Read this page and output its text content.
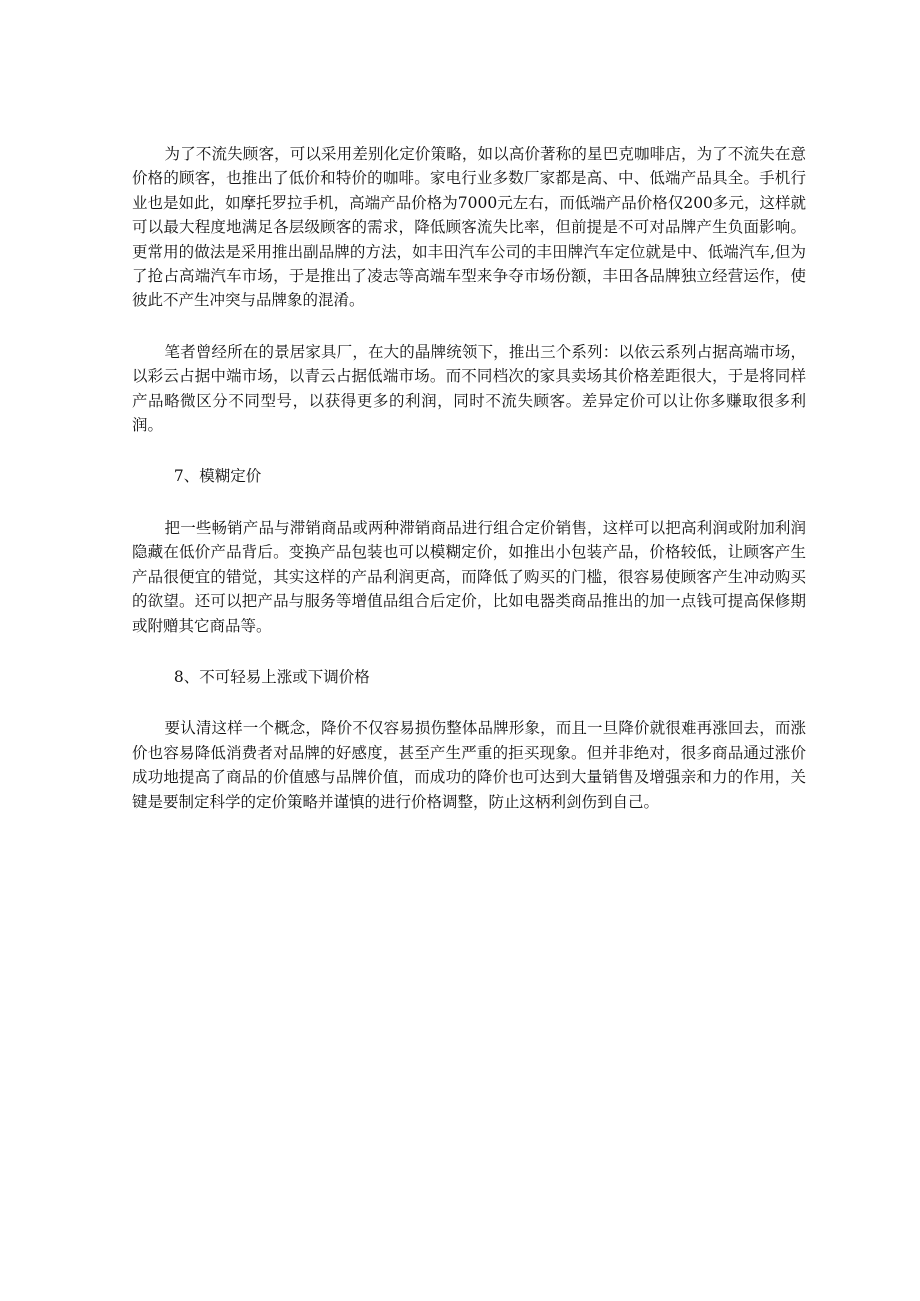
为了不流失顾客，可以采用差别化定价策略，如以高价著称的星巴克咖啡店，为了不流失在意价格的顾客，也推出了低价和特价的咖啡。家电行业多数厂家都是高、中、低端产品具全。手机行业也是如此，如摩托罗拉手机，高端产品价格为7000元左右，而低端产品价格仅200多元，这样就可以最大程度地满足各层级顾客的需求，降低顾客流失比率，但前提是不可对品牌产生负面影响。更常用的做法是采用推出副品牌的方法，如丰田汽车公司的丰田牌汽车定位就是中、低端汽车,但为了抢占高端汽车市场，于是推出了凌志等高端车型来争夺市场份额，丰田各品牌独立经营运作，使彼此不产生冲突与品牌象的混淆。

笔者曾经所在的景居家具厂，在大的晶牌统领下，推出三个系列：以依云系列占据高端市场，以彩云占据中端市场，以青云占据低端市场。而不同档次的家具卖场其价格差距很大，于是将同样产品略微区分不同型号，以获得更多的利润，同时不流失顾客。差异定价可以让你多赚取很多利润。

7、模糊定价

把一些畅销产品与滞销商品或两种滞销商品进行组合定价销售，这样可以把高利润或附加利润隐藏在低价产品背后。变换产品包装也可以模糊定价，如推出小包装产品，价格较低，让顾客产生产品很便宜的错觉，其实这样的产品利润更高，而降低了购买的门槛，很容易使顾客产生冲动购买的欲望。还可以把产品与服务等增值品组合后定价，比如电器类商品推出的加一点钱可提高保修期或附赠其它商品等。

8、不可轻易上涨或下调价格

要认清这样一个概念，降价不仅容易损伤整体品牌形象，而且一旦降价就很难再涨回去，而涨价也容易降低消费者对品牌的好感度，甚至产生严重的拒买现象。但并非绝对，很多商品通过涨价成功地提高了商品的价值感与品牌价值，而成功的降价也可达到大量销售及增强亲和力的作用，关键是要制定科学的定价策略并谨慎的进行价格调整，防止这柄利剑伤到自己。
